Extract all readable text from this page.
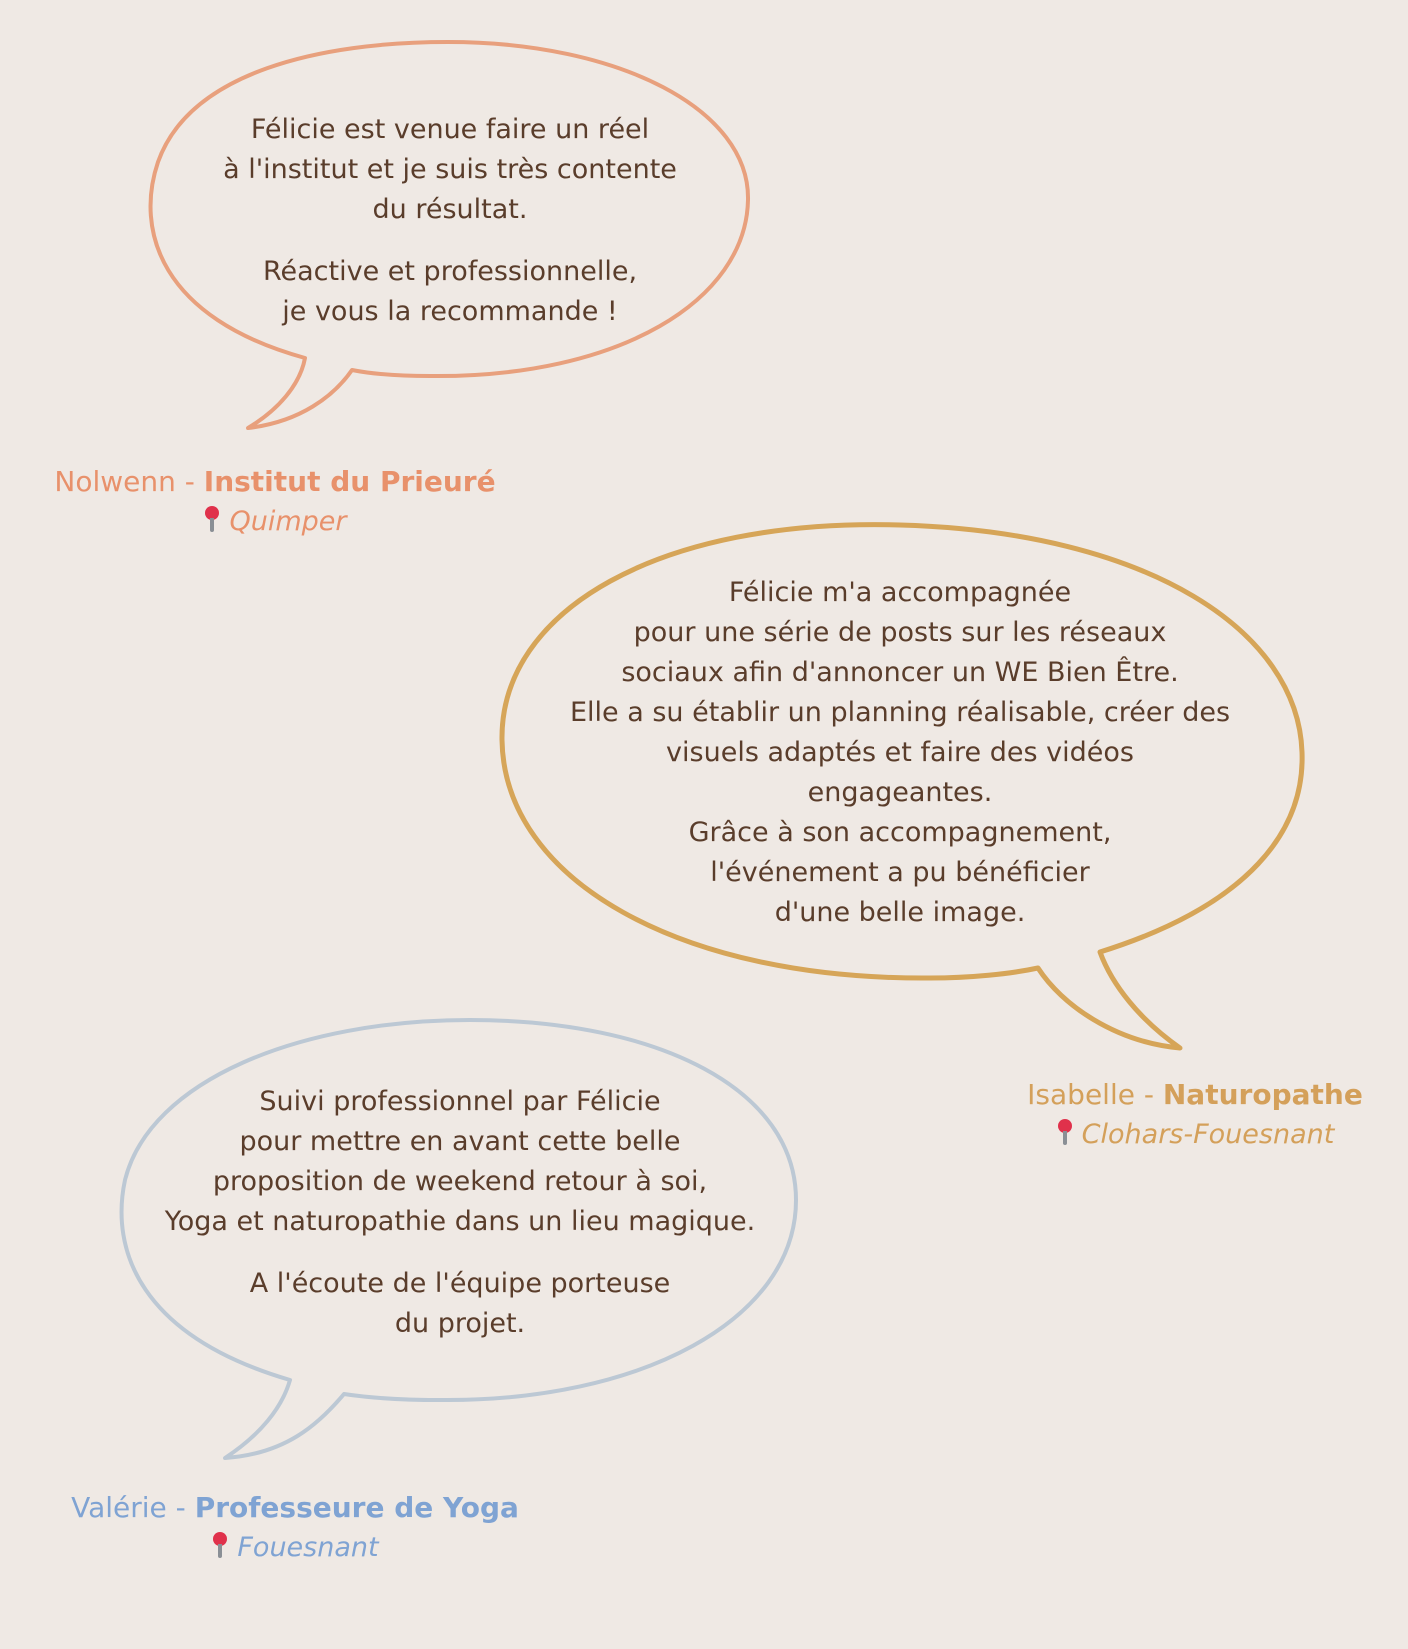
Félicie est venue faire un réel
à l'institut et je suis très contente
du résultat.

Réactive et professionnelle,
je vous la recommande !

Nolwenn - Institut du Prieuré
Quimper

Félicie m'a accompagnée
pour une série de posts sur les réseaux
sociaux afin d'annoncer un WE Bien Être.
Elle a su établir un planning réalisable, créer des
visuels adaptés et faire des vidéos
engageantes.
Grâce à son accompagnement,
l'événement a pu bénéficier
d'une belle image.

Isabelle - Naturopathe
Clohars-Fouesnant

Suivi professionnel par Félicie
pour mettre en avant cette belle
proposition de weekend retour à soi,
Yoga et naturopathie dans un lieu magique.

A l'écoute de l'équipe porteuse
du projet.

Valérie - Professeure de Yoga
Fouesnant
